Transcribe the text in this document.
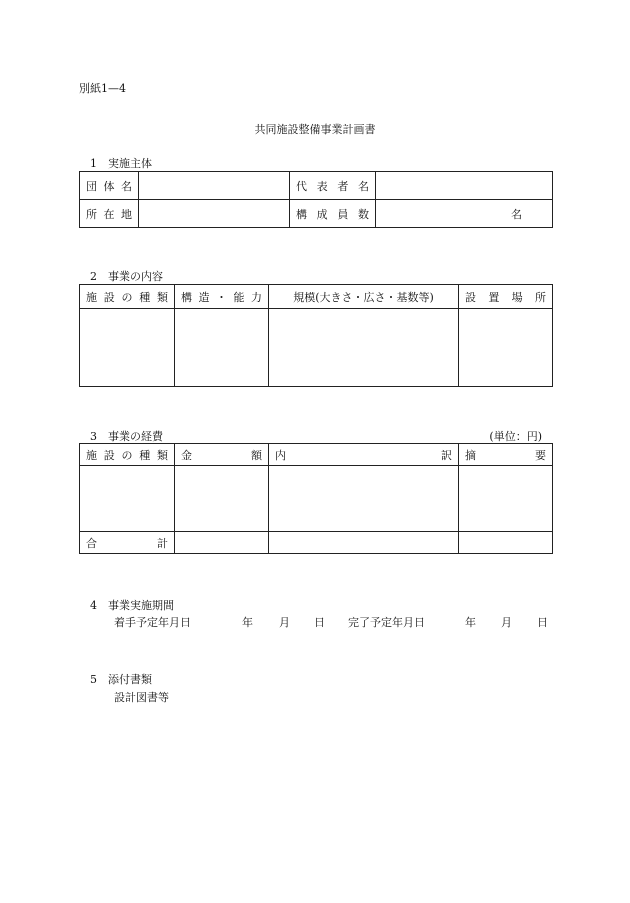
別紙1—4
共同施設整備事業計画書
1　実施主体
団 体 名		代 表 者 名	

所 在 地		構 成 員 数	名
2　事業の内容
施 設 の 種 類	構 造 ・ 能 力	規模(大きさ・広さ・基数等)	設 置 場 所

3　事業の経費	(単位：円)
施 設 の 種 類	金 額	内 訳	摘 要

合 計			

4　事業実施期間
着手予定年月日	年 月 日 完了予定年月日	年 月 日
5　添付書類
設計図書等
